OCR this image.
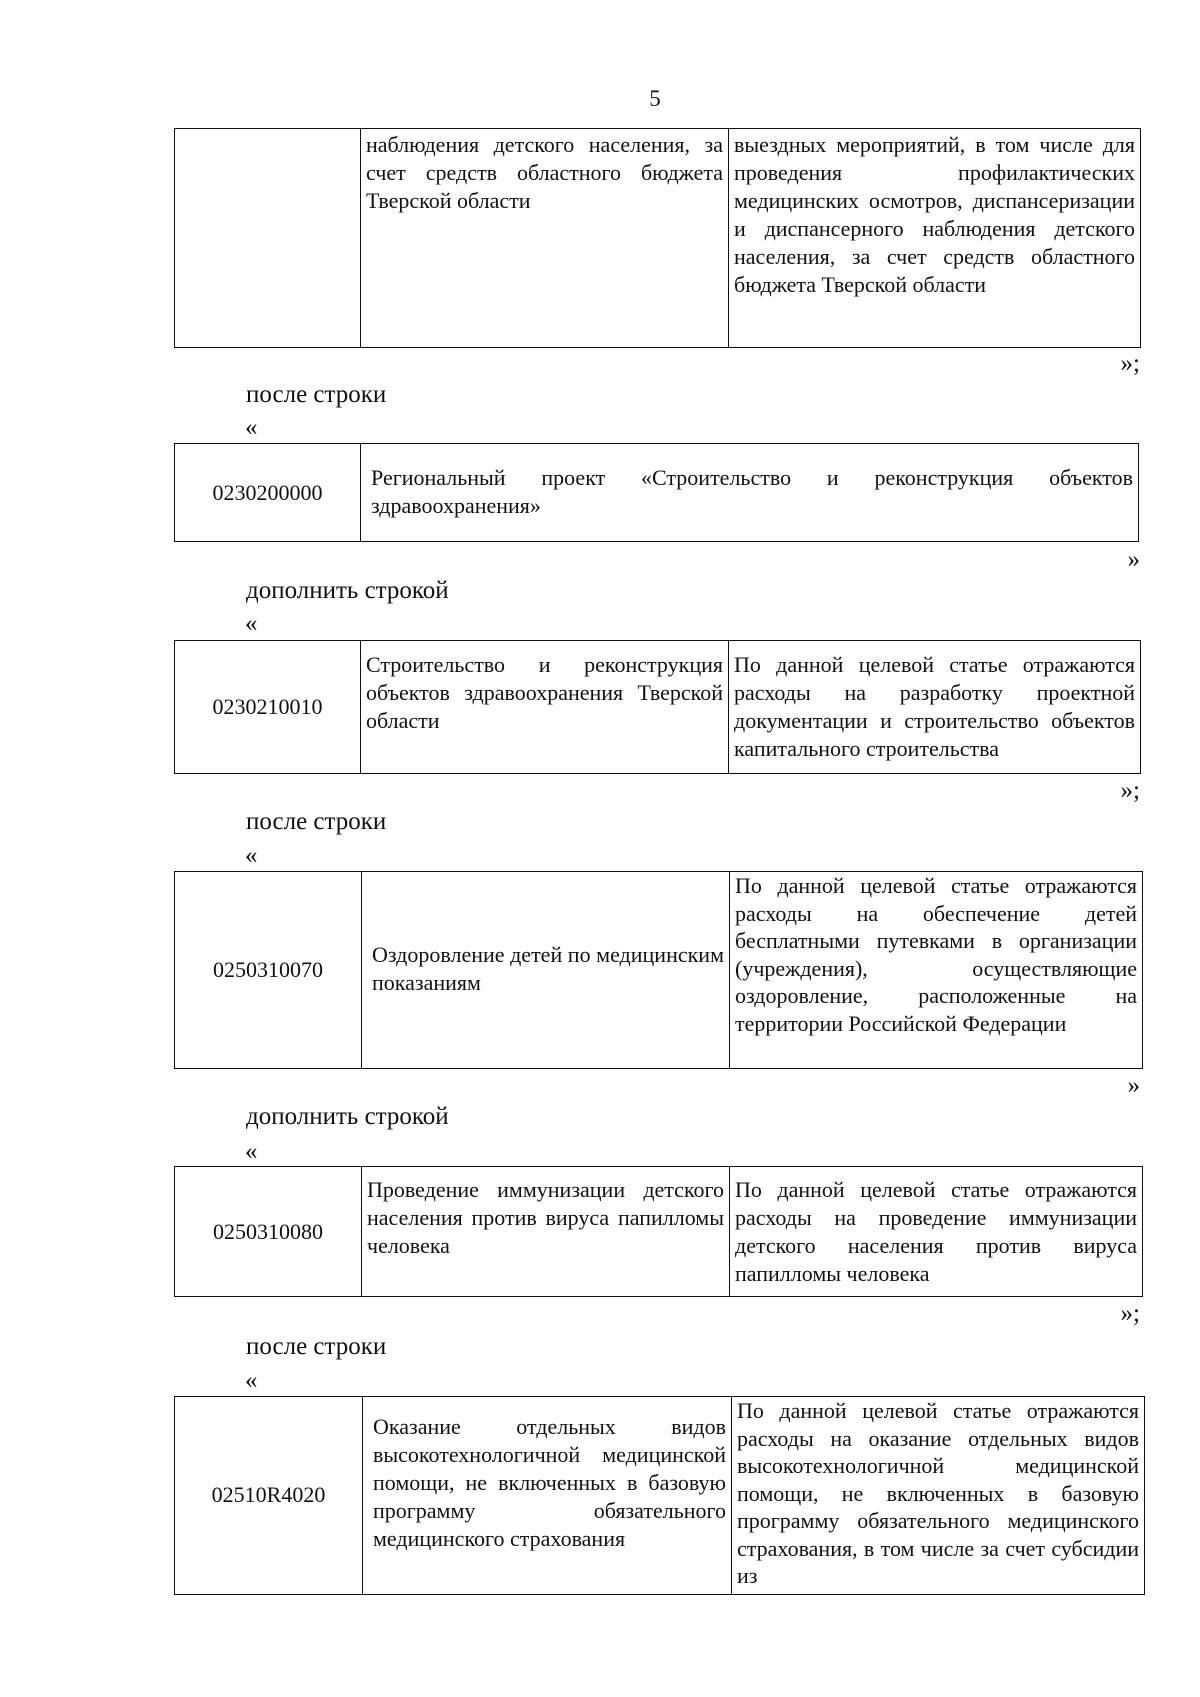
5
	наблюдения детского населения, за счет средств областного бюджета Тверской области	выездных мероприятий, в том числе для проведения профилактических медицинских осмотров, диспансеризации и диспансерного наблюдения детского населения, за счет средств областного бюджета Тверской области
»;
после строки
«
0230200000	Региональный проект «Строительство и реконструкция объектов здравоохранения»
»
дополнить строкой
«
0230210010	Строительство и реконструкция объектов здравоохранения Тверской области	По данной целевой статье отражаются расходы на разработку проектной документации и строительство объектов капитального строительства
»;
после строки
«
0250310070	Оздоровление детей по медицинским показаниям	По данной целевой статье отражаются расходы на обеспечение детей бесплатными путевками в организации (учреждения), осуществляющие оздоровление, расположенные на территории Российской Федерации
»
дополнить строкой
«
0250310080	Проведение иммунизации детского населения против вируса папилломы человека	По данной целевой статье отражаются расходы на проведение иммунизации детского населения против вируса папилломы человека
»;
после строки
«
02510R4020	Оказание отдельных видов высокотехнологичной медицинской помощи, не включенных в базовую программу обязательного медицинского страхования	По данной целевой статье отражаются расходы на оказание отдельных видов высокотехнологичной медицинской помощи, не включенных в базовую программу обязательного медицинского страхования, в том числе за счет субсидии из
